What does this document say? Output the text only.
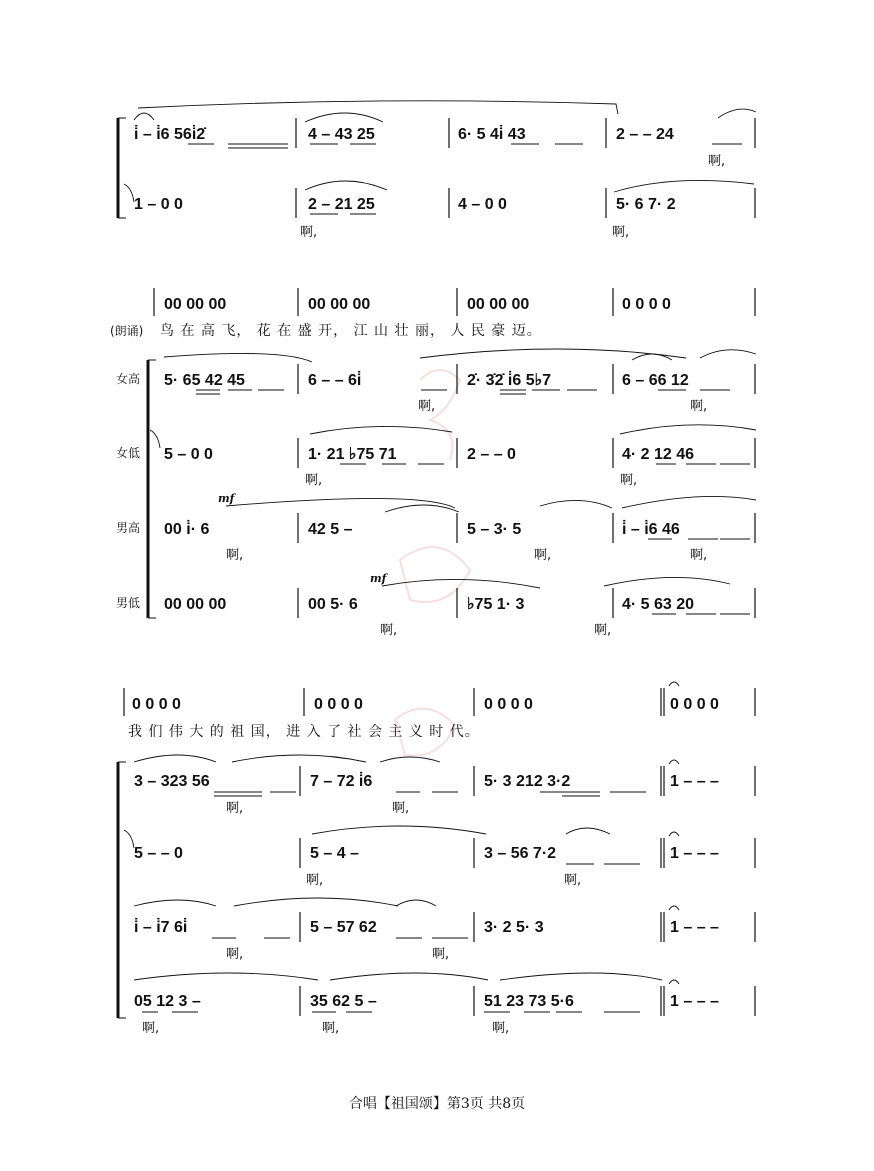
i̇ – i̇6 56i̇2̇	4 – 43 25	6· 5 4i̇ 43	2 – – 24
啊,
1 – 0 0	2 – 21 25	4 – 0 0	5· 6 7· 2
啊,	啊,
00 00 00	00 00 00	00 00 00	0 0 0 0
(朗诵) 鸟 在 高 飞， 花 在 盛 开， 江 山 壮 丽， 人 民 豪 迈。
女高 5· 65 42 45	6 – – 6i̇	2̇· 3̇2̇ i̇6 5♭7	6 – 66 12
啊,	啊,
女低 5 – 0 0	1· 21 ♭75 71	2 – – 0	4· 2 12 46
啊,	啊,
mf
男高 00 i̇· 6	42 5 –	5 – 3· 5	i̇ – i̇6 46
啊,	啊,	啊,
mf
男低 00 00 00	00 5· 6	♭75 1· 3	4· 5 63 20
啊,	啊,
0 0 0 0	0 0 0 0	0 0 0 0	0 0 0 0
我 们 伟 大 的 祖 国， 进 入 了 社 会 主 义 时 代。
3 – 323 56	7 – 72 i̇6	5· 3 212 3·2	1 – – –
啊,	啊,
5 – – 0	5 – 4 –	3 – 56 7·2	1 – – –
啊,	啊,
i̇ – i̇7 6i̇	5 – 57 62	3· 2 5· 3	1 – – –
啊,	啊,
05 12 3 –	35 62 5 –	51 23 73 5·6	1 – – –
啊,	啊,	啊,
合唱【祖国颂】第3页 共8页
